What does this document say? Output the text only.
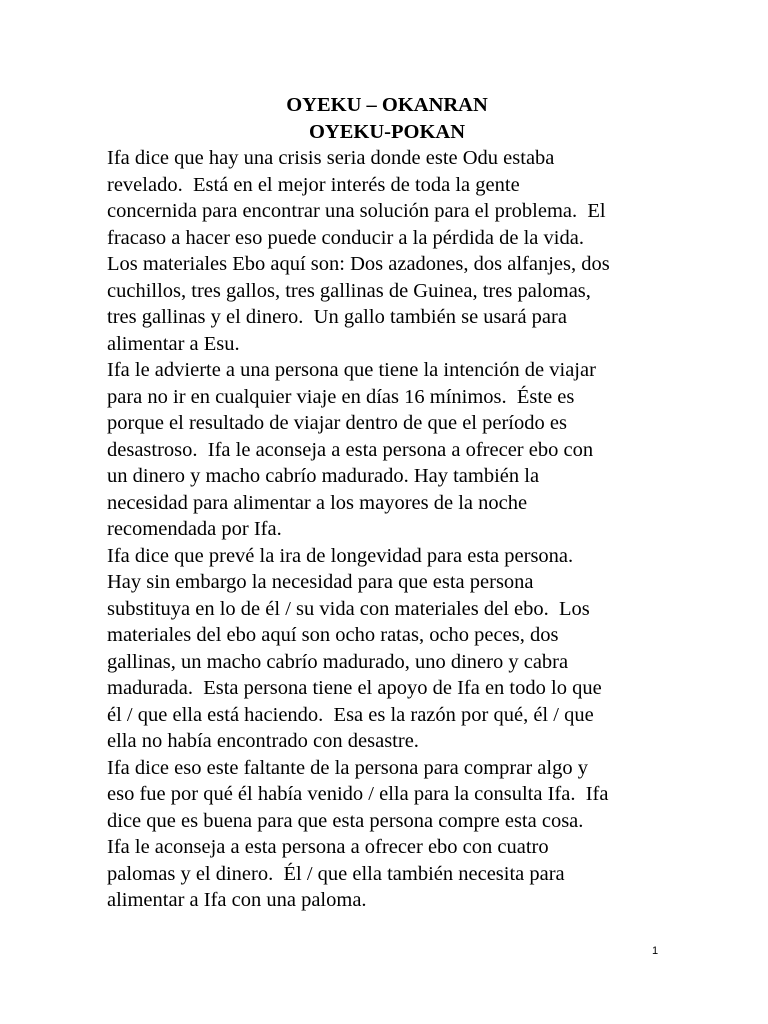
OYEKU – OKANRAN
OYEKU-POKAN
Ifa dice que hay una crisis seria donde este Odu estaba
revelado.  Está en el mejor interés de toda la gente
concernida para encontrar una solución para el problema.  El
fracaso a hacer eso puede conducir a la pérdida de la vida.
Los materiales Ebo aquí son: Dos azadones, dos alfanjes, dos
cuchillos, tres gallos, tres gallinas de Guinea, tres palomas,
tres gallinas y el dinero.  Un gallo también se usará para
alimentar a Esu.
Ifa le advierte a una persona que tiene la intención de viajar
para no ir en cualquier viaje en días 16 mínimos.  Éste es
porque el resultado de viajar dentro de que el período es
desastroso.  Ifa le aconseja a esta persona a ofrecer ebo con
un dinero y macho cabrío madurado. Hay también la
necesidad para alimentar a los mayores de la noche
recomendada por Ifa.
Ifa dice que prevé la ira de longevidad para esta persona.
Hay sin embargo la necesidad para que esta persona
substituya en lo de él / su vida con materiales del ebo.  Los
materiales del ebo aquí son ocho ratas, ocho peces, dos
gallinas, un macho cabrío madurado, uno dinero y cabra
madurada.  Esta persona tiene el apoyo de Ifa en todo lo que
él / que ella está haciendo.  Esa es la razón por qué, él / que
ella no había encontrado con desastre.
Ifa dice eso este faltante de la persona para comprar algo y
eso fue por qué él había venido / ella para la consulta Ifa.  Ifa
dice que es buena para que esta persona compre esta cosa.
Ifa le aconseja a esta persona a ofrecer ebo con cuatro
palomas y el dinero.  Él / que ella también necesita para
alimentar a Ifa con una paloma.
1
